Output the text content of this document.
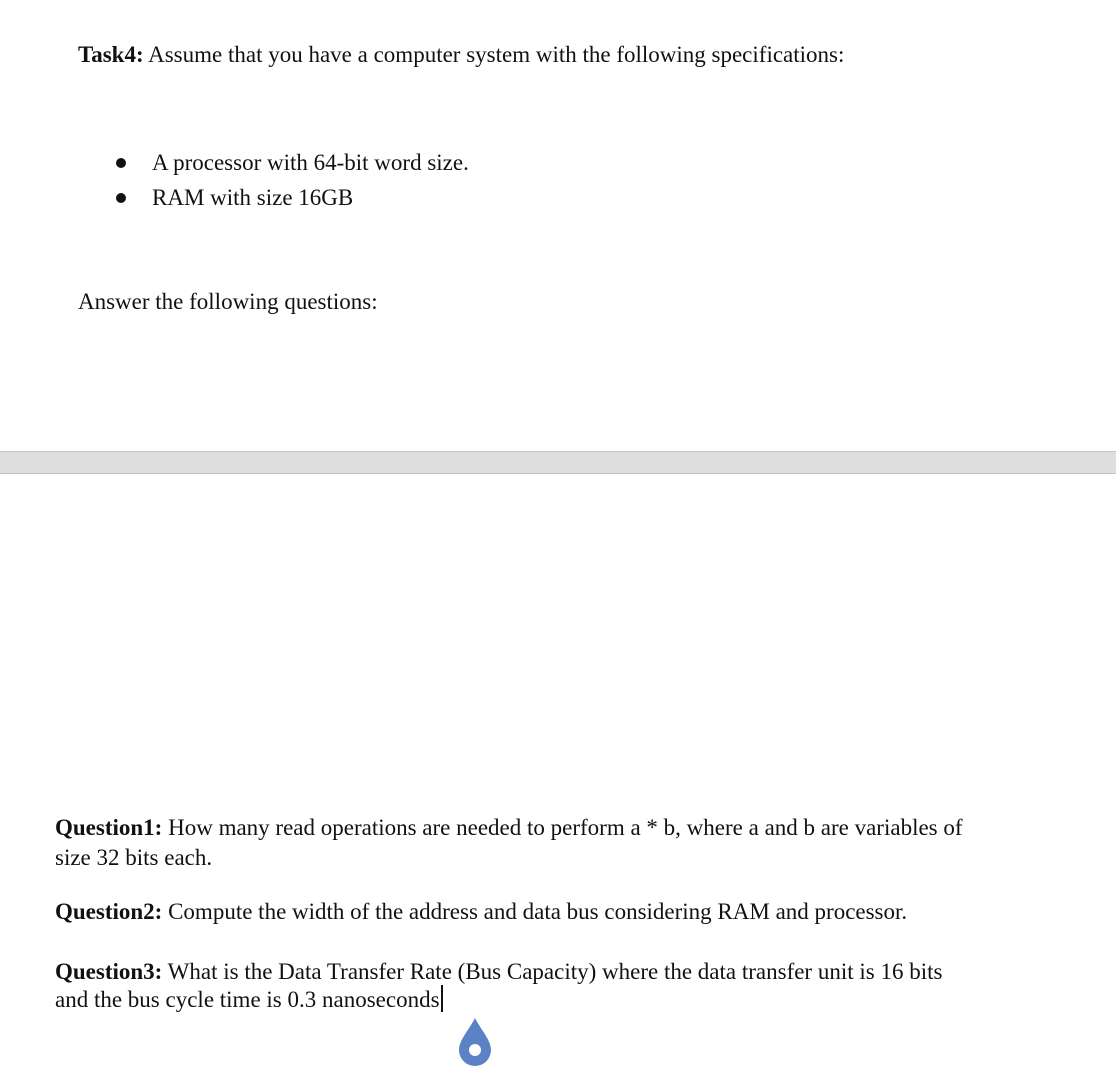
Task4: Assume that you have a computer system with the following specifications:
A processor with 64-bit word size.
RAM with size 16GB
Answer the following questions:
Question1: How many read operations are needed to perform a * b, where a and b are variables of
size 32 bits each.
Question2: Compute the width of the address and data bus considering RAM and processor.
Question3: What is the Data Transfer Rate (Bus Capacity) where the data transfer unit is 16 bits
and the bus cycle time is 0.3 nanoseconds
